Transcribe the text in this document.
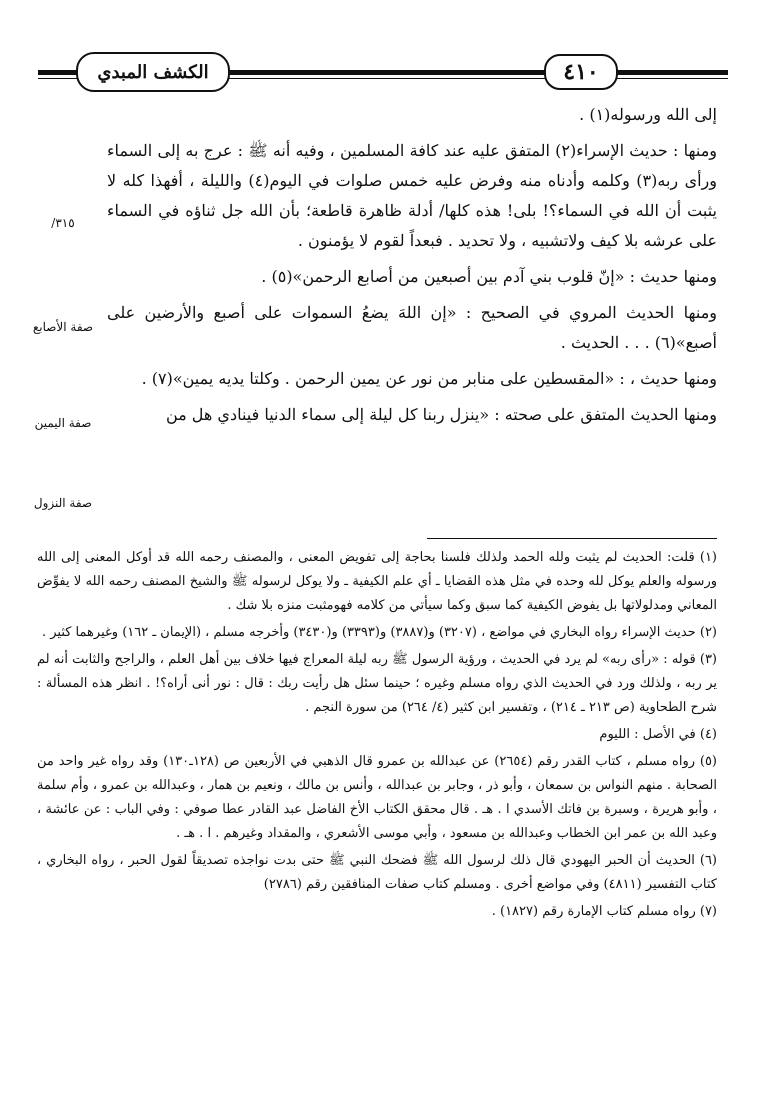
الكشف المبدي	٤١٠

إلى الله ورسوله(١) .

ومنها : حديث الإسراء(٢) المتفق عليه عند كافة المسلمين ، وفيه أنه ﷺ : عرج به إلى السماء ورأى ربه(٣) وكلمه وأدناه منه وفرض عليه خمس صلوات في اليوم(٤) والليلة ، أفهذا كله لا يثبت أن الله في السماء؟! بلى! هذه كلها/ أدلة ظاهرة قاطعة؛ بأن الله جل ثناؤه في السماء على عرشه بلا كيف ولاتشبيه ، ولا تحديد . فبعداً لقوم لا يؤمنون .

ومنها حديث : «إنّ قلوب بني آدم بين أصبعين من أصابع الرحمن»(٥) .

ومنها الحديث المروي في الصحيح : «إن اللهَ يضعُ السموات على أصبع والأرضين على أصبع»(٦) . . . الحديث .

ومنها حديث ، : «المقسطين على منابر من نور عن يمين الرحمن . وكلتا يديه يمين»(٧) .

ومنها الحديث المتفق على صحته : «ينزل ربنا كل ليلة إلى سماء الدنيا فينادي هل من

٣١٥/
صفة الأصابع
صفة اليمين
صفة النزول

(١) قلت: الحديث لم يثبت ولله الحمد ولذلك فلسنا بحاجة إلى تفويض المعنى ، والمصنف رحمه الله قد أوكل المعنى إلى الله ورسوله والعلم يوكل لله وحده في مثل هذه القضايا ـ أي علم الكيفية ـ ولا يوكل لرسوله ﷺ والشيخ المصنف رحمه الله لا يفوِّض المعاني ومدلولاتها بل يفوض الكيفية كما سبق وكما سيأتي من كلامه فهومثبت منزه بلا شك .

(٢) حديث الإسراء رواه البخاري في مواضع ، (٣٢٠٧) و(٣٨٨٧) و(٣٣٩٣) و(٣٤٣٠) وأخرجه مسلم ، (الإيمان ـ ١٦٢) وغيرهما كثير .

(٣) قوله : «رأى ربه» لم يرد في الحديث ، ورؤية الرسول ﷺ ربه ليلة المعراج فيها خلاف بين أهل العلم ، والراجح والثابت أنه لم ير ربه ، ولذلك ورد في الحديث الذي رواه مسلم وغيره ؛ حينما سئل هل رأيت ربك : قال : نور أنى أراه؟! . انظر هذه المسألة : شرح الطحاوية (ص ٢١٣ ـ ٢١٤) ، وتفسير ابن كثير (٤/ ٢٦٤) من سورة النجم .

(٤) في الأصل : الليوم

(٥) رواه مسلم ، كتاب القدر رقم (٢٦٥٤) عن عبدالله بن عمرو قال الذهبي في الأربعين ص (١٢٨ـ١٣٠) وقد رواه غير واحد من الصحابة . منهم النواس بن سمعان ، وأبو ذر ، وجابر بن عبدالله ، وأنس بن مالك ، ونعيم بن همار ، وعبدالله بن عمرو ، وأم سلمة ، وأبو هريرة ، وسبرة بن فاتك الأسدي ا . هـ . قال محقق الكتاب الأخ الفاضل عبد القادر عطا صوفي : وفي الباب : عن عائشة ، وعبد الله بن عمر ابن الخطاب وعبدالله بن مسعود ، وأبي موسى الأشعري ، والمقداد وغيرهم . ا . هـ .

(٦) الحديث أن الحبر اليهودي قال ذلك لرسول الله ﷺ فضحك النبي ﷺ حتى بدت نواجذه تصديقاً لقول الحبر ، رواه البخاري ، كتاب التفسير (٤٨١١) وفي مواضع أخرى . ومسلم كتاب صفات المنافقين رقم (٢٧٨٦)

(٧) رواه مسلم كتاب الإمارة رقم (١٨٢٧) .
